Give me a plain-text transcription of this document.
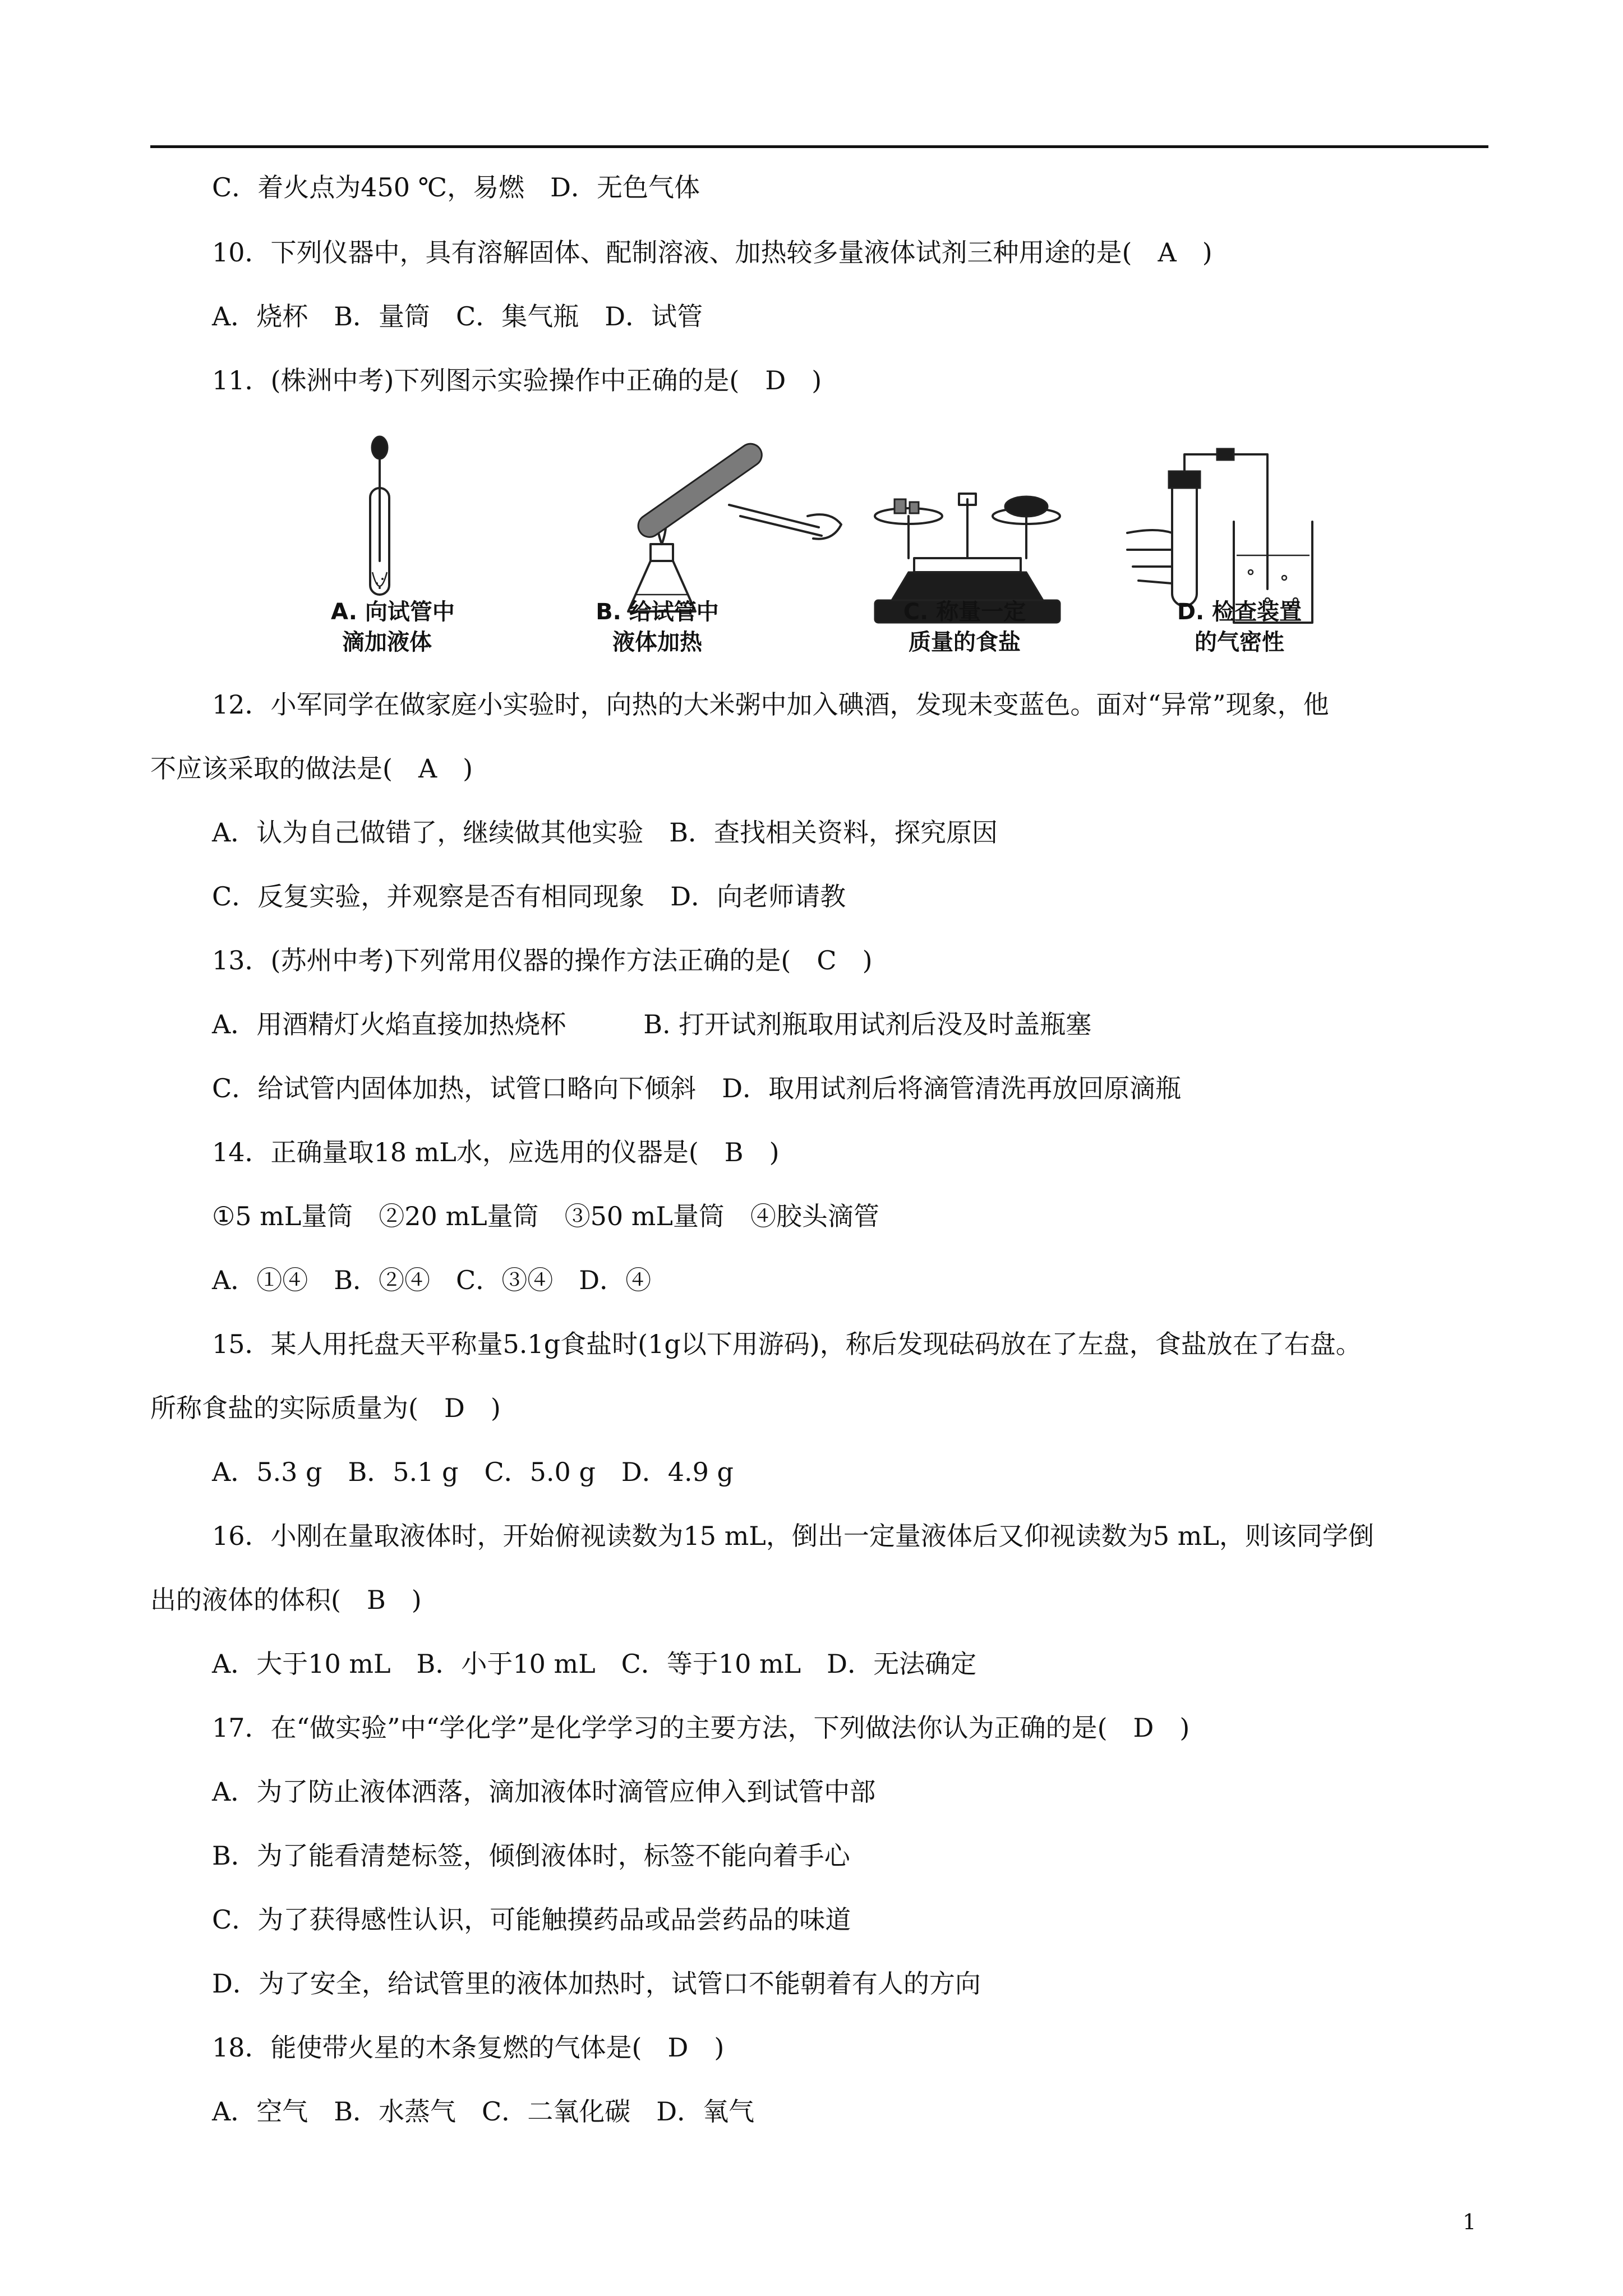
C．着火点为450 ℃，易燃　D．无色气体
10．下列仪器中，具有溶解固体、配制溶液、加热较多量液体试剂三种用途的是(　A　)
A．烧杯　B．量筒　C．集气瓶　D．试管
11．(株洲中考)下列图示实验操作中正确的是(　D　)
A. 向试管中
滴加液体
B. 给试管中
液体加热
C. 称量一定
质量的食盐
D. 检查装置
的气密性
12．小军同学在做家庭小实验时，向热的大米粥中加入碘酒，发现未变蓝色。面对“异常”现象，他
不应该采取的做法是(　A　)
A．认为自己做错了，继续做其他实验　B．查找相关资料，探究原因
C．反复实验，并观察是否有相同现象　D．向老师请教
13．(苏州中考)下列常用仪器的操作方法正确的是(　C　)
A．用酒精灯火焰直接加热烧杯　　　B. 打开试剂瓶取用试剂后没及时盖瓶塞
C．给试管内固体加热，试管口略向下倾斜　D．取用试剂后将滴管清洗再放回原滴瓶
14．正确量取18 mL水，应选用的仪器是(　B　)
①5 mL量筒　②20 mL量筒　③50 mL量筒　④胶头滴管
A．①④　B．②④　C．③④　D．④
15．某人用托盘天平称量5.1g食盐时(1g以下用游码)，称后发现砝码放在了左盘，食盐放在了右盘。
所称食盐的实际质量为(　D　)
A．5.3 g　B．5.1 g　C．5.0 g　D．4.9 g
16．小刚在量取液体时，开始俯视读数为15 mL，倒出一定量液体后又仰视读数为5 mL，则该同学倒
出的液体的体积(　B　)
A．大于10 mL　B．小于10 mL　C．等于10 mL　D．无法确定
17．在“做实验”中“学化学”是化学学习的主要方法，下列做法你认为正确的是(　D　)
A．为了防止液体洒落，滴加液体时滴管应伸入到试管中部
B．为了能看清楚标签，倾倒液体时，标签不能向着手心
C．为了获得感性认识，可能触摸药品或品尝药品的味道
D．为了安全，给试管里的液体加热时，试管口不能朝着有人的方向
18．能使带火星的木条复燃的气体是(　D　)
A．空气　B．水蒸气　C．二氧化碳　D．氧气
1
